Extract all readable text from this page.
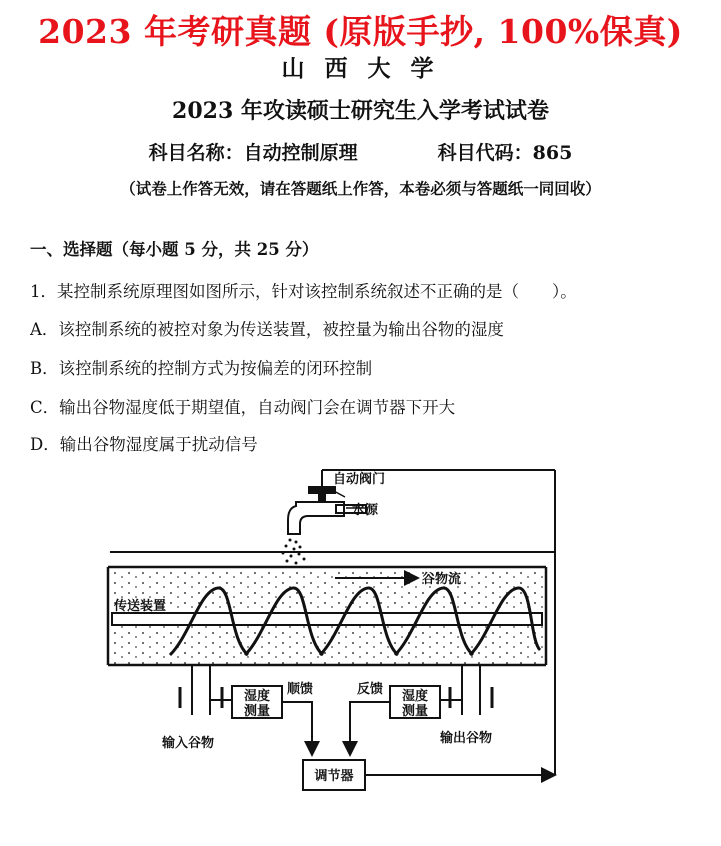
2023 年考研真题 (原版手抄, 100%保真)
山 西 大 学
2023 年攻读硕士研究生入学考试试卷
科目名称：自动控制原理	科目代码：865
（试卷上作答无效，请在答题纸上作答，本卷必须与答题纸一同回收）
一、选择题（每小题 5 分，共 25 分）
1．某控制系统原理图如图所示，针对该控制系统叙述不正确的是（　　）。
A．该控制系统的被控对象为传送装置，被控量为输出谷物的湿度
B．该控制系统的控制方式为按偏差的闭环控制
C．输出谷物湿度低于期望值，自动阀门会在调节器下开大
D．输出谷物湿度属于扰动信号
自动阀门
水源
谷物流
传送装置
湿度
测量
湿度
测量
顺馈	反馈
调节器
输入谷物	输出谷物
